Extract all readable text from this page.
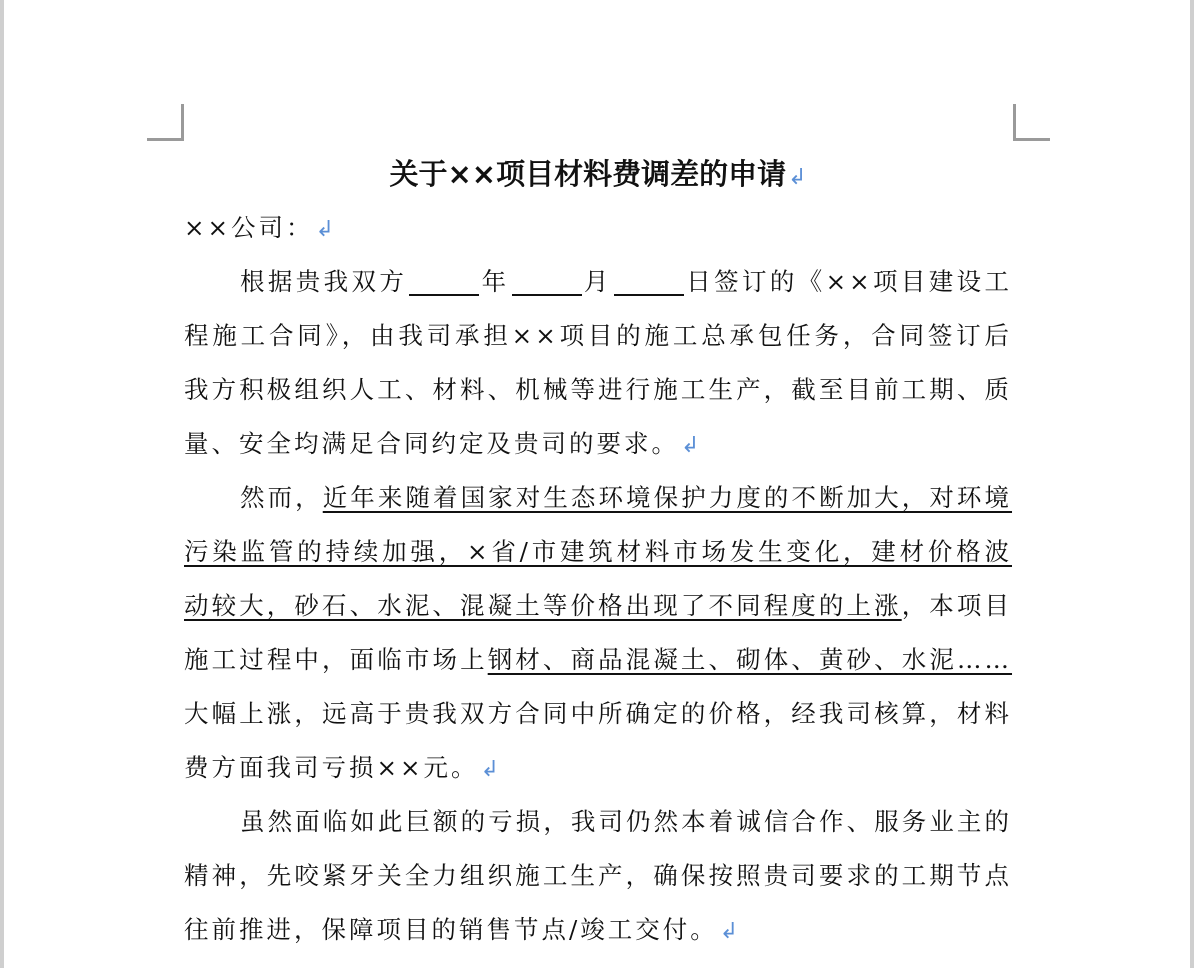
关于××项目材料费调差的申请↲
××公司：↲
根据贵我双方	年	月	日签订的《××项目建设工
程施工合同》，由我司承担××项目的施工总承包任务，合同签订后
我方积极组织人工、材料、机械等进行施工生产，截至目前工期、质
量、安全均满足合同约定及贵司的要求。↲
然而，近年来随着国家对生态环境保护力度的不断加大，对环境
污染监管的持续加强，×省/市建筑材料市场发生变化，建材价格波
动较大，砂石、水泥、混凝土等价格出现了不同程度的上涨，本项目
施工过程中，面临市场上钢材、商品混凝土、砌体、黄砂、水泥……
大幅上涨，远高于贵我双方合同中所确定的价格，经我司核算，材料
费方面我司亏损××元。↲
虽然面临如此巨额的亏损，我司仍然本着诚信合作、服务业主的
精神，先咬紧牙关全力组织施工生产，确保按照贵司要求的工期节点
往前推进，保障项目的销售节点/竣工交付。↲
